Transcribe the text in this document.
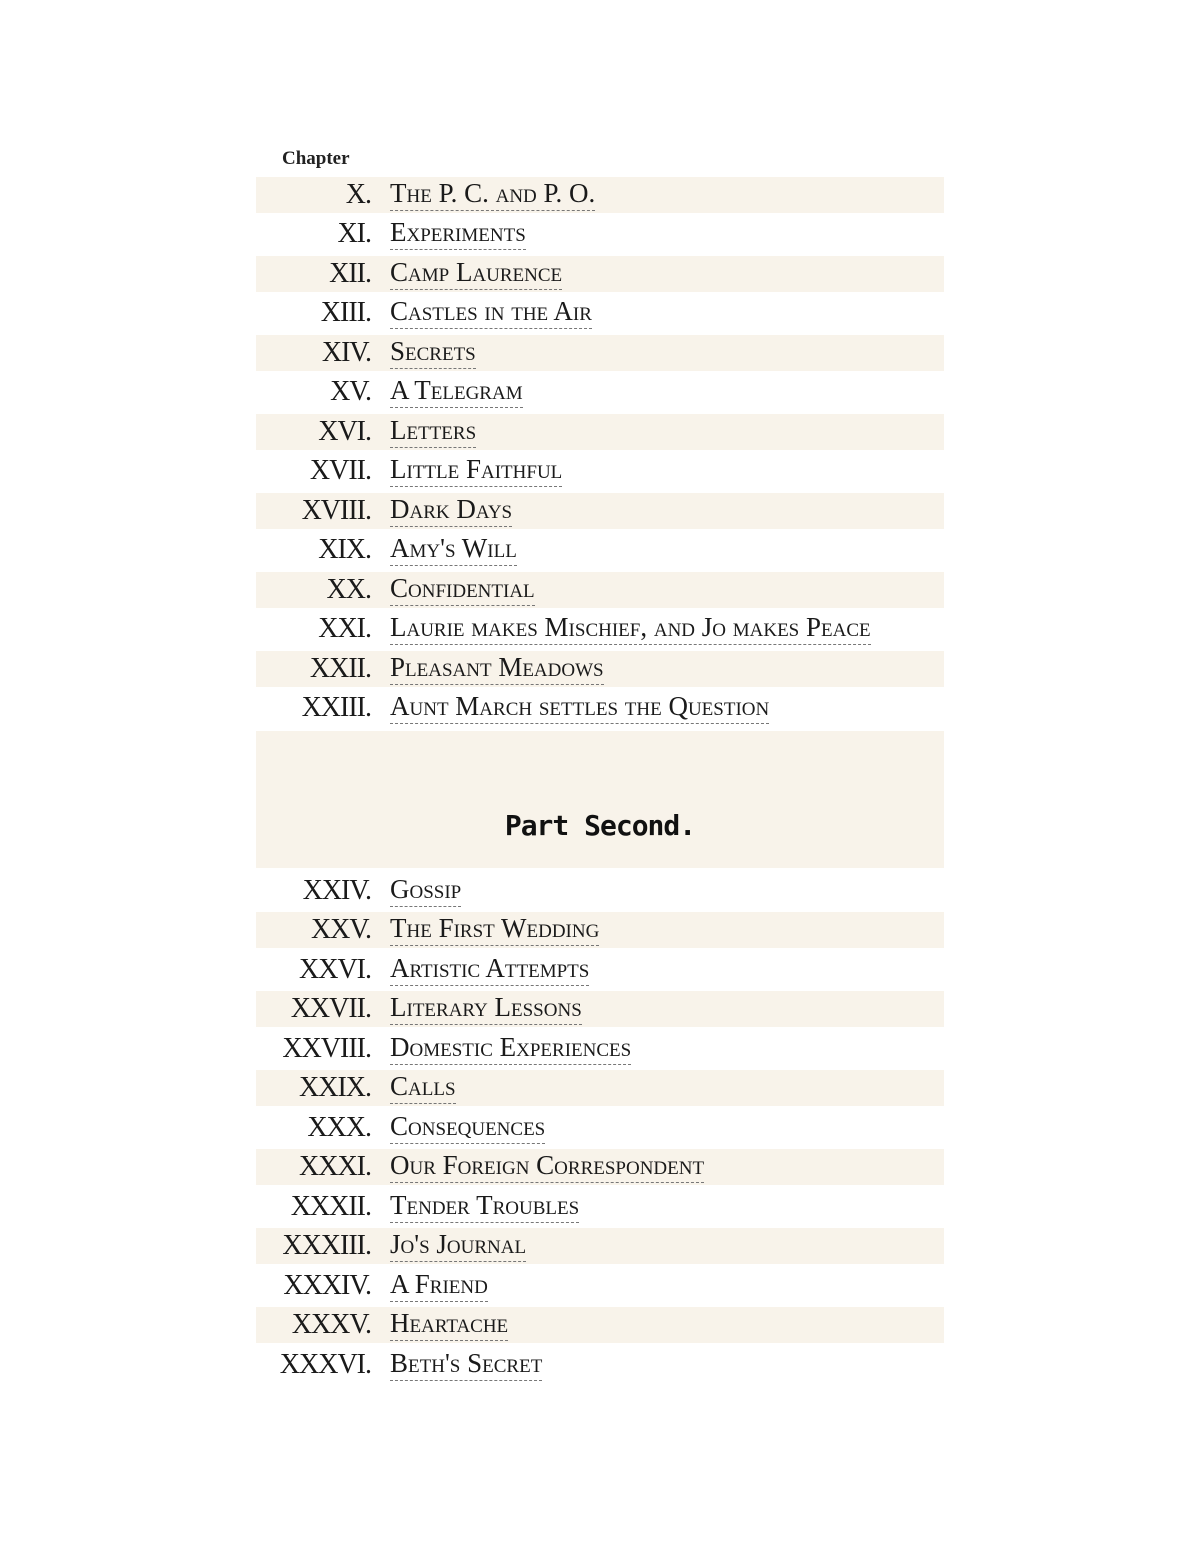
Chapter
X. The P. C. and P. O.
XI. Experiments
XII. Camp Laurence
XIII. Castles in the Air
XIV. Secrets
XV. A Telegram
XVI. Letters
XVII. Little Faithful
XVIII. Dark Days
XIX. Amy's Will
XX. Confidential
XXI. Laurie makes Mischief, and Jo makes Peace
XXII. Pleasant Meadows
XXIII. Aunt March settles the Question
Part Second.
XXIV. Gossip
XXV. The First Wedding
XXVI. Artistic Attempts
XXVII. Literary Lessons
XXVIII. Domestic Experiences
XXIX. Calls
XXX. Consequences
XXXI. Our Foreign Correspondent
XXXII. Tender Troubles
XXXIII. Jo's Journal
XXXIV. A Friend
XXXV. Heartache
XXXVI. Beth's Secret
